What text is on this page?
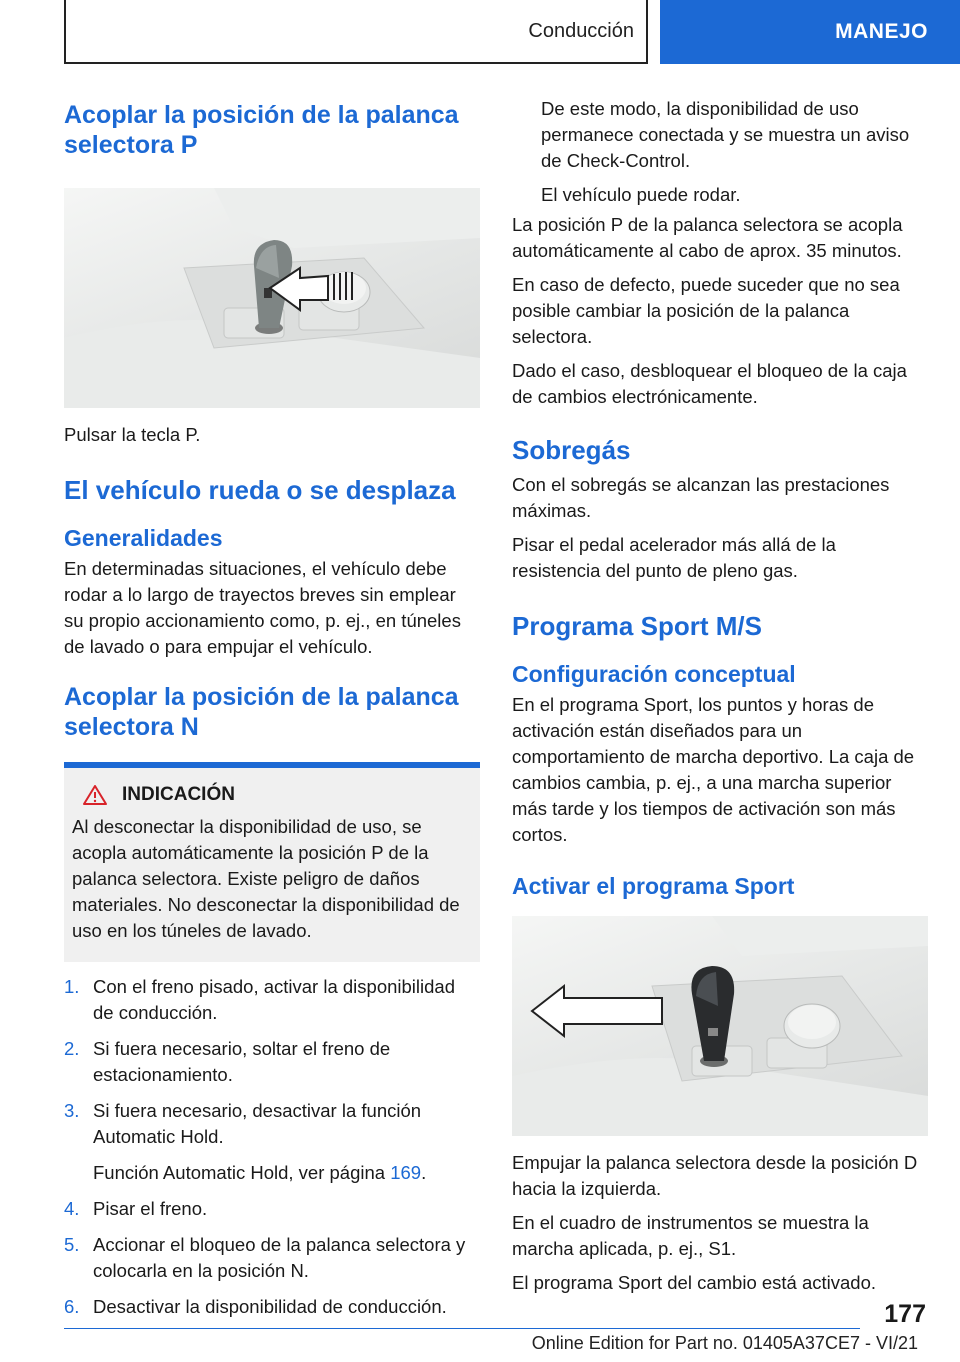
Conducción	MANEJO
Acoplar la posición de la palanca selectora P

Pulsar la tecla P.

El vehículo rueda o se desplaza
Generalidades

En determinadas situaciones, el vehículo debe rodar a lo largo de trayectos breves sin emplear su propio accionamiento como, p. ej., en túneles de lavado o para empujar el vehículo.

Acoplar la posición de la palanca selectora N
INDICACIÓN

Al desconectar la disponibilidad de uso, se acopla automáticamente la posición P de la palanca selectora. Existe peligro de daños materiales. No desconectar la disponibilidad de uso en los túneles de lavado.

1. Con el freno pisado, activar la disponibilidad de conducción.
2. Si fuera necesario, soltar el freno de estacionamiento.
3. Si fuera necesario, desactivar la función Automatic Hold.
Función Automatic Hold, ver página 169.
4. Pisar el freno.
5. Accionar el bloqueo de la palanca selectora y colocarla en la posición N.
6. Desactivar la disponibilidad de conducción.

De este modo, la disponibilidad de uso permanece conectada y se muestra un aviso de Check-Control.

El vehículo puede rodar.

La posición P de la palanca selectora se acopla automáticamente al cabo de aprox. 35 minutos.

En caso de defecto, puede suceder que no sea posible cambiar la posición de la palanca selectora.

Dado el caso, desbloquear el bloqueo de la caja de cambios electrónicamente.

Sobregás

Con el sobregás se alcanzan las prestaciones máximas.

Pisar el pedal acelerador más allá de la resistencia del punto de pleno gas.

Programa Sport M/S
Configuración conceptual

En el programa Sport, los puntos y horas de activación están diseñados para un comportamiento de marcha deportivo. La caja de cambios cambia, p. ej., a una marcha superior más tarde y los tiempos de activación son más cortos.

Activar el programa Sport

Empujar la palanca selectora desde la posición D hacia la izquierda.

En el cuadro de instrumentos se muestra la marcha aplicada, p. ej., S1.

El programa Sport del cambio está activado.

177
Online Edition for Part no. 01405A37CE7 - VI/21
